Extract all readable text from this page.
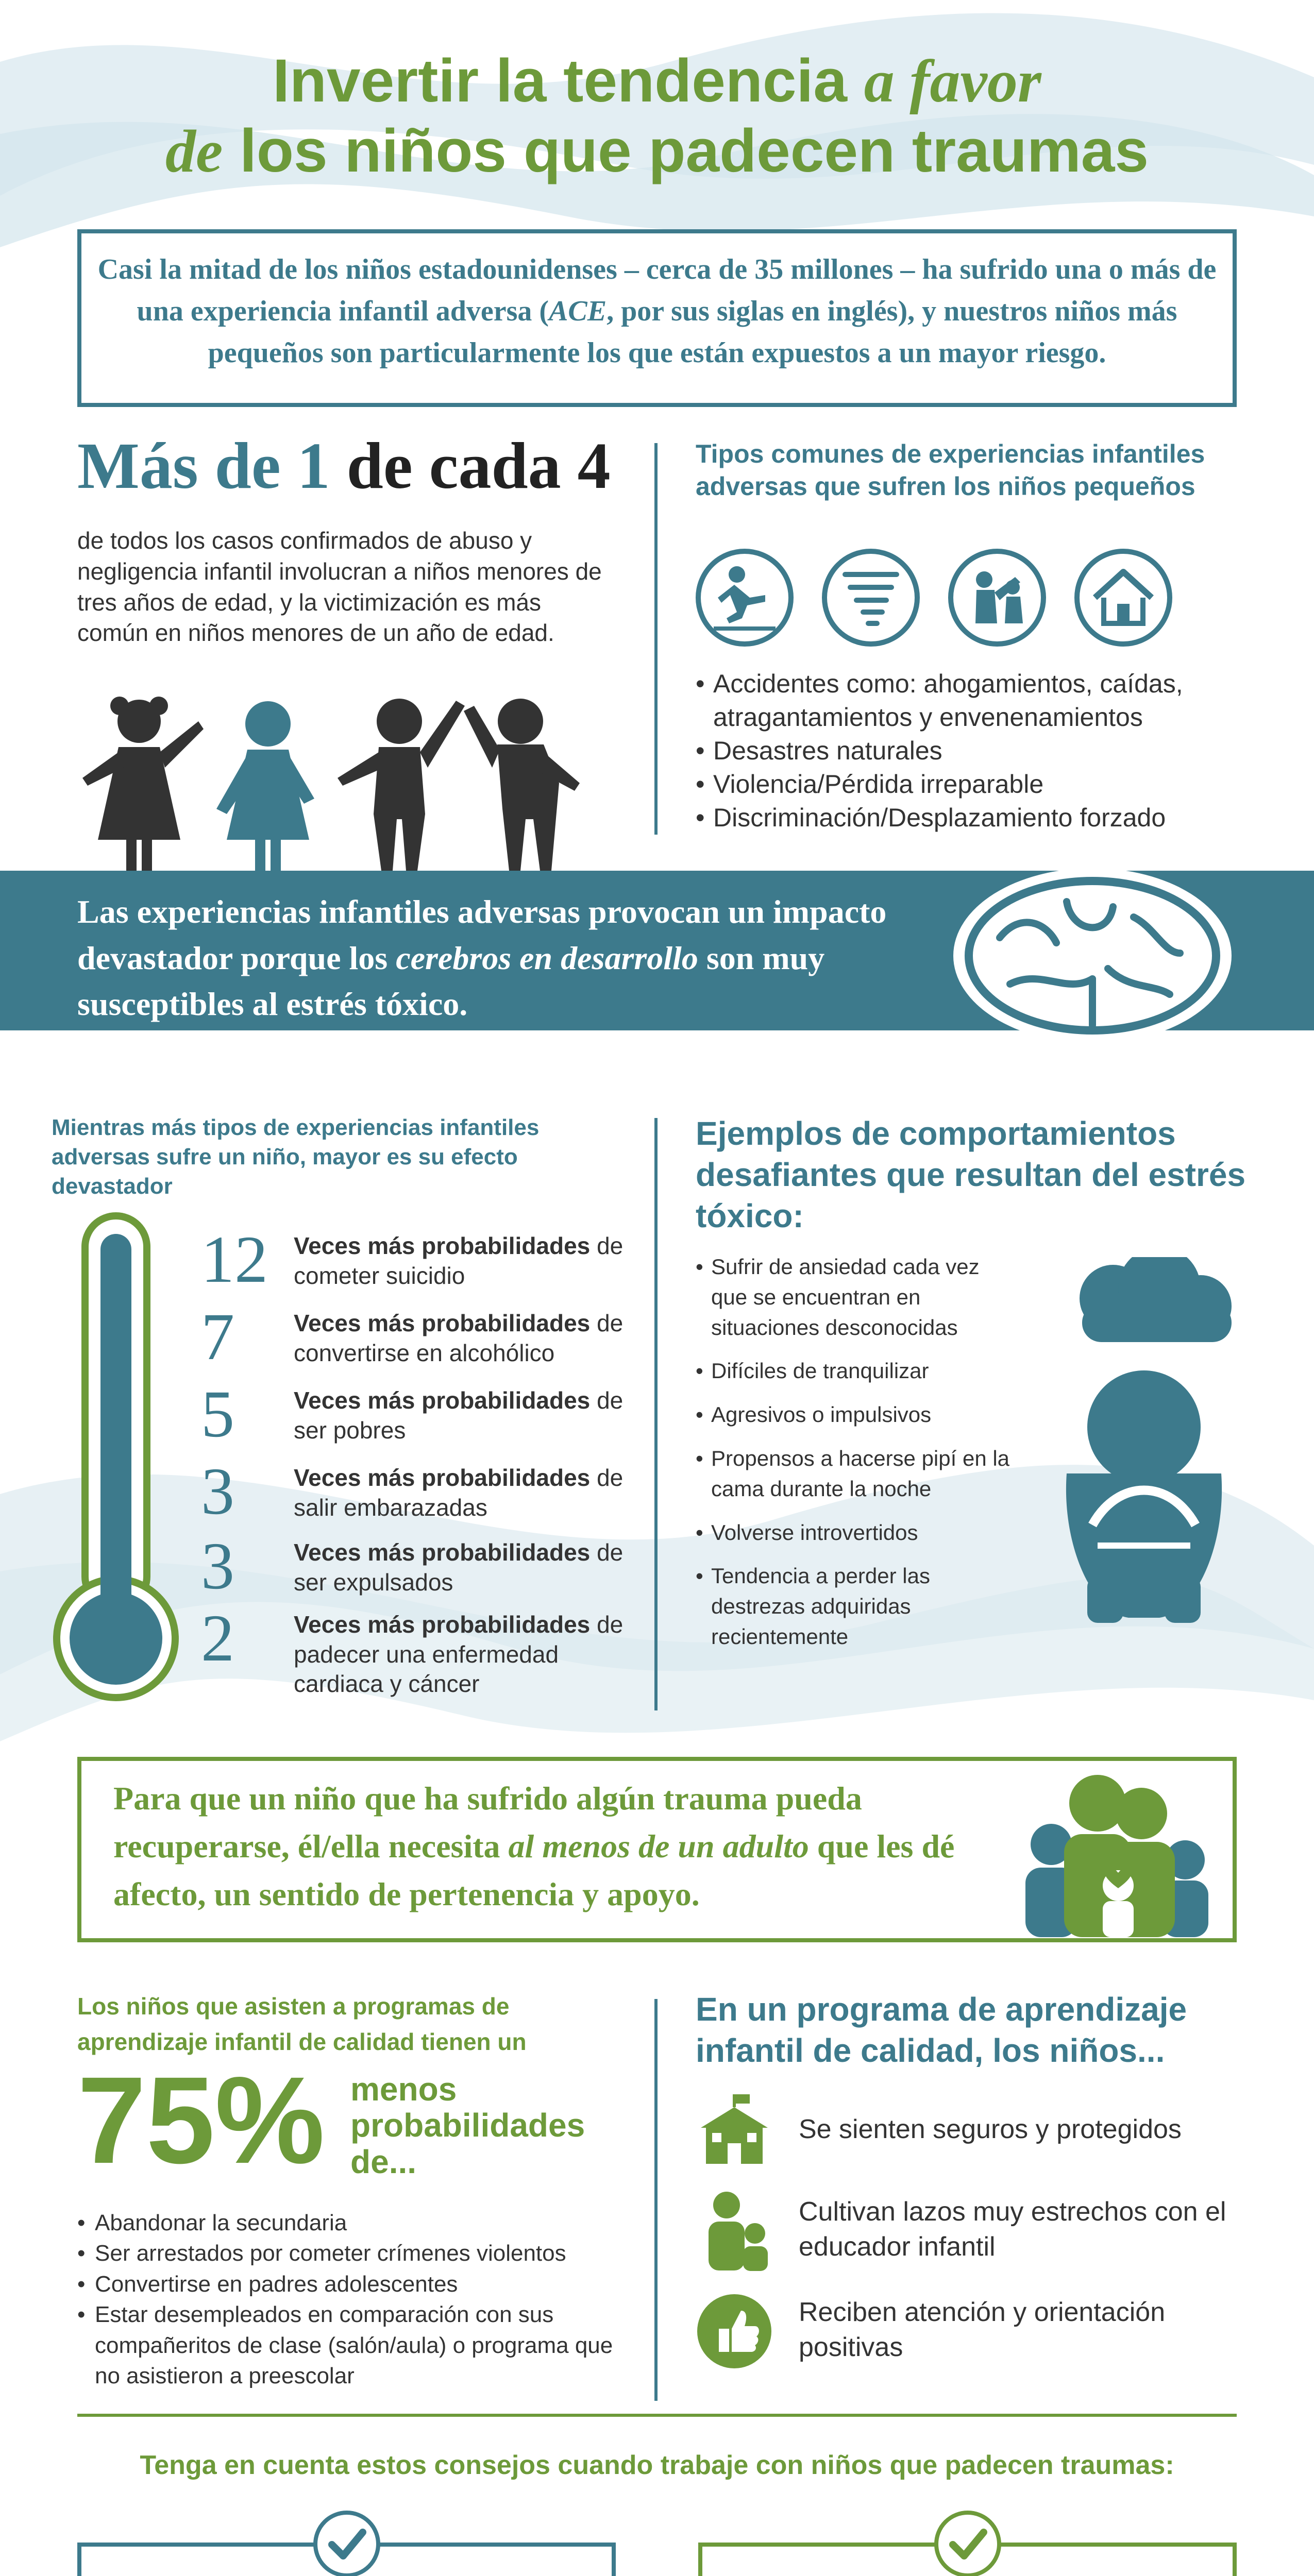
Invertir la tendencia a favor
de los niños que padecen traumas
Casi la mitad de los niños estadounidenses – cerca de 35 millones – ha sufrido una o más de una experiencia infantil adversa (ACE, por sus siglas en inglés), y nuestros niños más pequeños son particularmente los que están expuestos a un mayor riesgo.
Más de 1 de cada 4
de todos los casos confirmados de abuso y negligencia infantil involucran a niños menores de tres años de edad, y la victimización es más común en niños menores de un año de edad.
Tipos comunes de experiencias infantiles adversas que sufren los niños pequeños
• Accidentes como: ahogamientos, caídas, atragantamientos y envenenamientos
• Desastres naturales
• Violencia/Pérdida irreparable
• Discriminación/Desplazamiento forzado
Las experiencias infantiles adversas provocan un impacto devastador porque los cerebros en desarrollo son muy susceptibles al estrés tóxico.
Mientras más tipos de experiencias infantiles adversas sufre un niño, mayor es su efecto devastador
12 Veces más probabilidades de cometer suicidio
7	Veces más probabilidades de convertirse en alcohólico
5	Veces más probabilidades de ser pobres
3	Veces más probabilidades de salir embarazadas
3	Veces más probabilidades de ser expulsados
2	Veces más probabilidades de padecer una enfermedad cardiaca y cáncer
Ejemplos de comportamientos desafiantes que resultan del estrés tóxico:
• Sufrir de ansiedad cada vez que se encuentran en situaciones desconocidas
• Difíciles de tranquilizar
• Agresivos o impulsivos
• Propensos a hacerse pipí en la cama durante la noche
• Volverse introvertidos
• Tendencia a perder las destrezas adquiridas recientemente
Para que un niño que ha sufrido algún trauma pueda recuperarse, él/ella necesita al menos de un adulto que les dé afecto, un sentido de pertenencia y apoyo.
Los niños que asisten a programas de aprendizaje infantil de calidad tienen un
75% menos probabilidades de...
• Abandonar la secundaria
• Ser arrestados por cometer crímenes violentos
• Convertirse en padres adolescentes
• Estar desempleados en comparación con sus compañeritos de clase (salón/aula) o programa que no asistieron a preescolar
En un programa de aprendizaje infantil de calidad, los niños...
Se sienten seguros y protegidos
Cultivan lazos muy estrechos con el educador infantil
Reciben atención y orientación positivas
Tenga en cuenta estos consejos cuando trabaje con niños que padecen traumas:
